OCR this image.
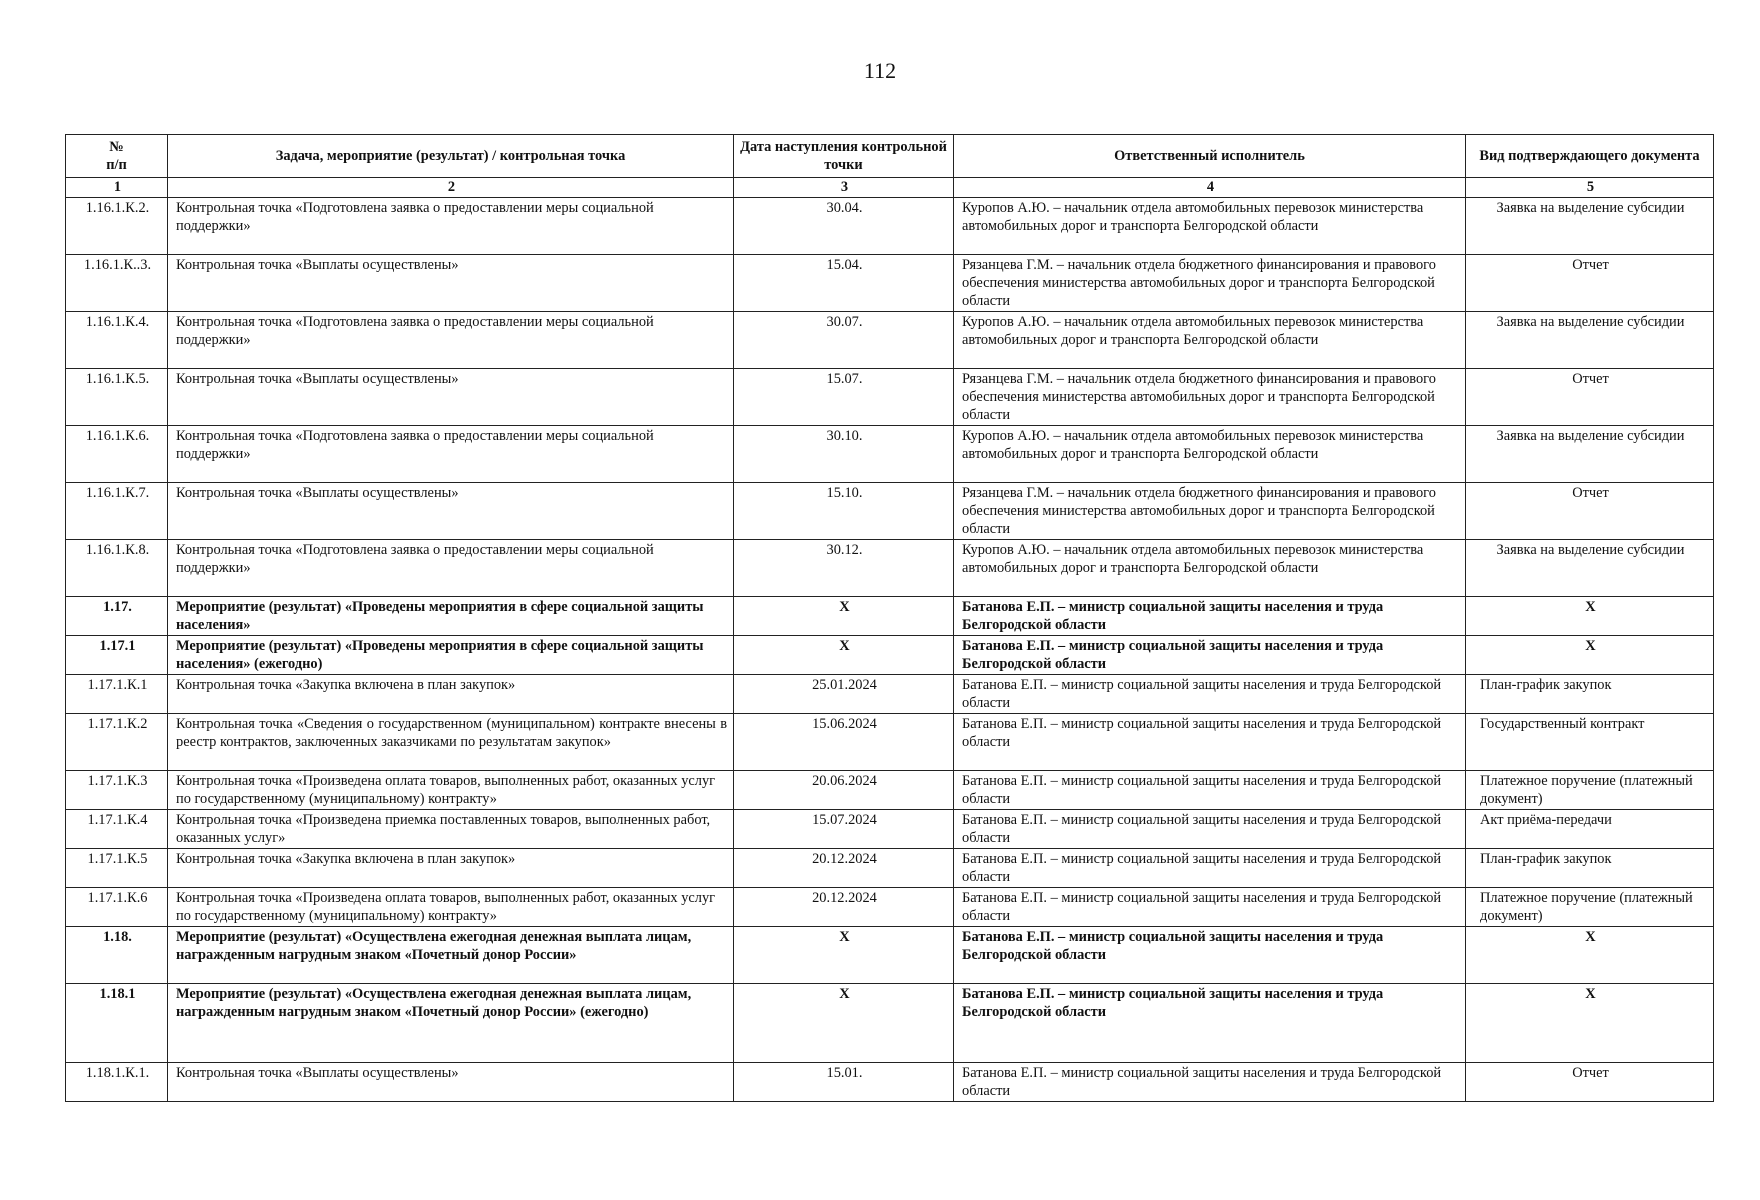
112
№
п/п	Задача, мероприятие (результат) / контрольная точка	Дата наступления контрольной точки	Ответственный исполнитель	Вид подтверждающего документа
1	2	3	4	5
1.16.1.К.2.	Контрольная точка «Подготовлена заявка о предоставлении меры социальной поддержки»	30.04.	Куропов А.Ю. – начальник отдела автомобильных перевозок министерства автомобильных дорог и транспорта Белгородской области	Заявка на выделение субсидии
1.16.1.К..3.	Контрольная точка «Выплаты осуществлены»	15.04.	Рязанцева Г.М. – начальник отдела бюджетного финансирования и правового обеспечения министерства автомобильных дорог и транспорта Белгородской области	Отчет
1.16.1.К.4.	Контрольная точка «Подготовлена заявка о предоставлении меры социальной поддержки»	30.07.	Куропов А.Ю. – начальник отдела автомобильных перевозок министерства автомобильных дорог и транспорта Белгородской области	Заявка на выделение субсидии
1.16.1.К.5.	Контрольная точка «Выплаты осуществлены»	15.07.	Рязанцева Г.М. – начальник отдела бюджетного финансирования и правового обеспечения министерства автомобильных дорог и транспорта Белгородской области	Отчет
1.16.1.К.6.	Контрольная точка «Подготовлена заявка о предоставлении меры социальной поддержки»	30.10.	Куропов А.Ю. – начальник отдела автомобильных перевозок министерства автомобильных дорог и транспорта Белгородской области	Заявка на выделение субсидии
1.16.1.К.7.	Контрольная точка «Выплаты осуществлены»	15.10.	Рязанцева Г.М. – начальник отдела бюджетного финансирования и правового обеспечения министерства автомобильных дорог и транспорта Белгородской области	Отчет
1.16.1.К.8.	Контрольная точка «Подготовлена заявка о предоставлении меры социальной поддержки»	30.12.	Куропов А.Ю. – начальник отдела автомобильных перевозок министерства автомобильных дорог и транспорта Белгородской области	Заявка на выделение субсидии
1.17.	Мероприятие (результат) «Проведены мероприятия в сфере социальной защиты населения»	Х	Батанова Е.П. – министр социальной защиты населения и труда Белгородской области	Х
1.17.1	Мероприятие (результат) «Проведены мероприятия в сфере социальной защиты населения» (ежегодно)	Х	Батанова Е.П. – министр социальной защиты населения и труда Белгородской области	Х
1.17.1.К.1	Контрольная точка «Закупка включена в план закупок»	25.01.2024	Батанова Е.П. – министр социальной защиты населения и труда Белгородской области	План-график закупок
1.17.1.К.2	Контрольная точка «Сведения о государственном (муниципальном) контракте внесены в реестр контрактов, заключенных заказчиками по результатам закупок»	15.06.2024	Батанова Е.П. – министр социальной защиты населения и труда Белгородской области	Государственный контракт
1.17.1.К.3	Контрольная точка «Произведена оплата товаров, выполненных работ, оказанных услуг по государственному (муниципальному) контракту»	20.06.2024	Батанова Е.П. – министр социальной защиты населения и труда Белгородской области	Платежное поручение (платежный документ)
1.17.1.К.4	Контрольная точка «Произведена приемка поставленных товаров, выполненных работ, оказанных услуг»	15.07.2024	Батанова Е.П. – министр социальной защиты населения и труда Белгородской области	Акт приёма-передачи
1.17.1.К.5	Контрольная точка «Закупка включена в план закупок»	20.12.2024	Батанова Е.П. – министр социальной защиты населения и труда Белгородской области	План-график закупок
1.17.1.К.6	Контрольная точка «Произведена оплата товаров, выполненных работ, оказанных услуг по государственному (муниципальному) контракту»	20.12.2024	Батанова Е.П. – министр социальной защиты населения и труда Белгородской области	Платежное поручение (платежный документ)
1.18.	Мероприятие (результат) «Осуществлена ежегодная денежная выплата лицам, награжденным нагрудным знаком «Почетный донор России»	Х	Батанова Е.П. – министр социальной защиты населения и труда Белгородской области	Х
1.18.1	Мероприятие (результат) «Осуществлена ежегодная денежная выплата лицам, награжденным нагрудным знаком «Почетный донор России» (ежегодно)	Х	Батанова Е.П. – министр социальной защиты населения и труда Белгородской области	Х
1.18.1.К.1.	Контрольная точка «Выплаты осуществлены»	15.01.	Батанова Е.П. – министр социальной защиты населения и труда Белгородской области	Отчет
